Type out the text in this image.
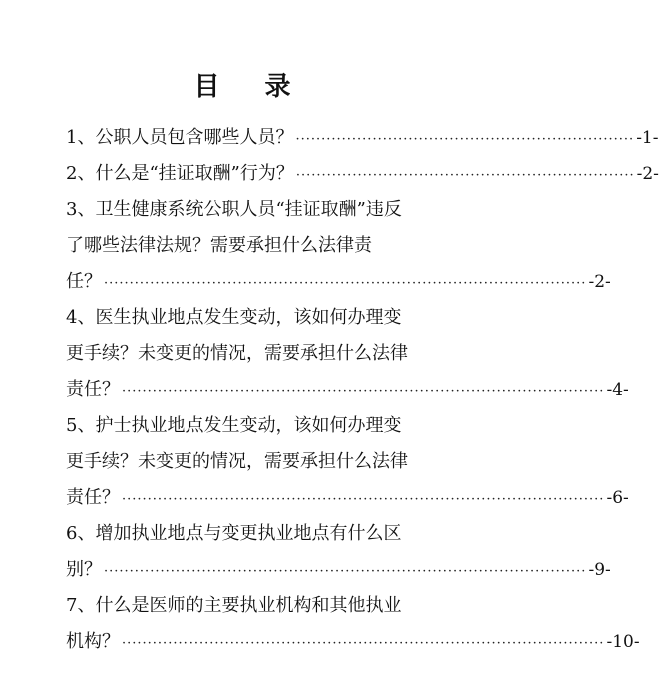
目 录
1、公职人员包含哪些人员？ ·································································· -1-
2、什么是“挂证取酬”行为？ ·································································· -2-
3、卫生健康系统公职人员“挂证取酬”违反
了哪些法律法规？需要承担什么法律责
任？ ······························································································ -2-
4、医生执业地点发生变动，该如何办理变
更手续？未变更的情况，需要承担什么法律
责任？ ······························································································ -4-
5、护士执业地点发生变动，该如何办理变
更手续？未变更的情况，需要承担什么法律
责任？ ······························································································ -6-
6、增加执业地点与变更执业地点有什么区
别？ ······························································································ -9-
7、什么是医师的主要执业机构和其他执业
机构？ ······························································································ -10-
